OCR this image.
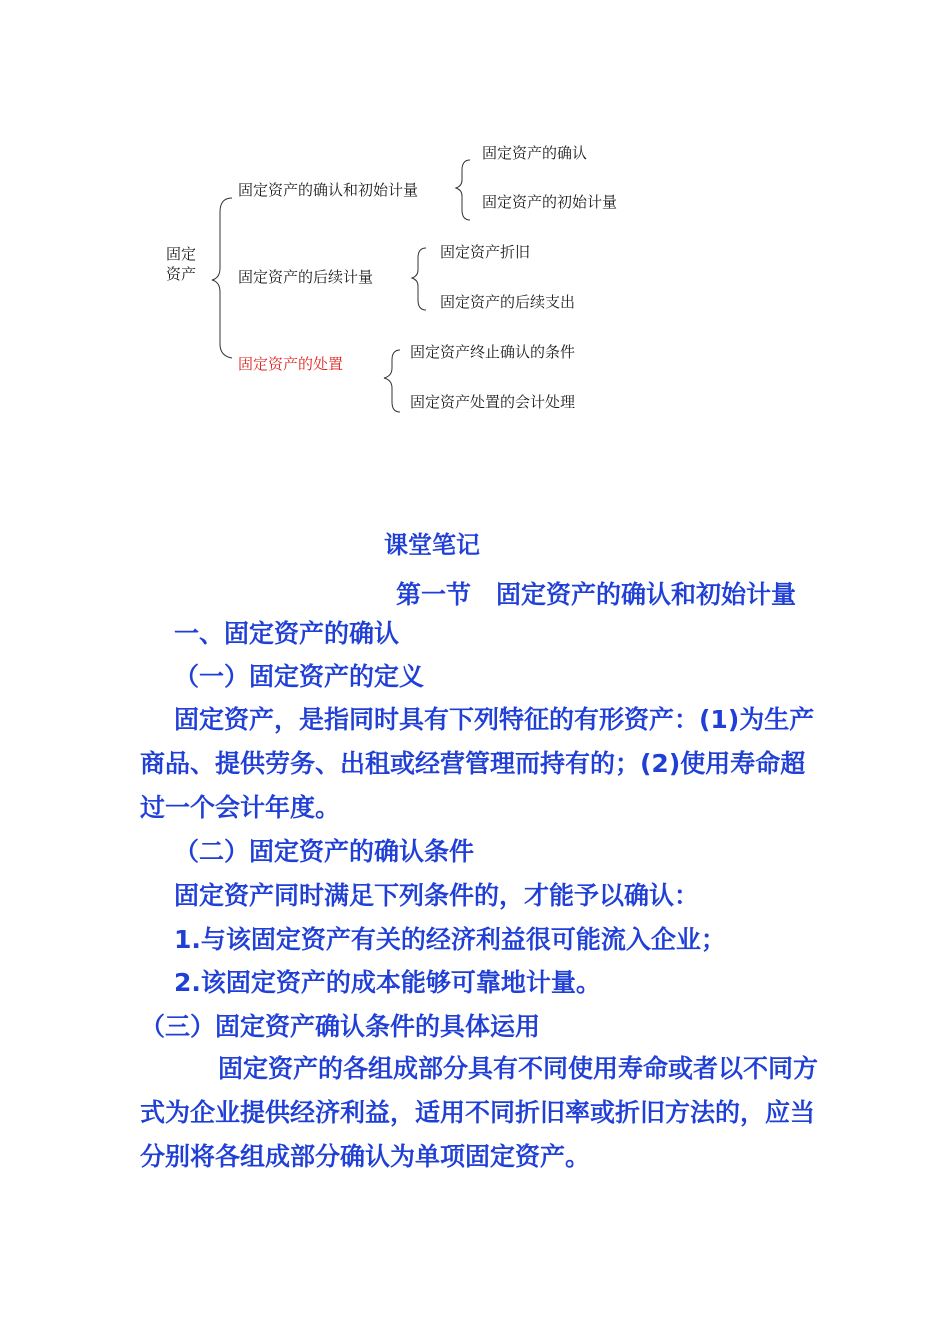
固定
资产
固定资产的确认和初始计量
固定资产的后续计量
固定资产的处置
固定资产的确认
固定资产的初始计量
固定资产折旧
固定资产的后续支出
固定资产终止确认的条件
固定资产处置的会计处理
课堂笔记
第一节　固定资产的确认和初始计量
一、固定资产的确认
（一）固定资产的定义
固定资产，是指同时具有下列特征的有形资产：(1)为生产商品、提供劳务、出租或经营管理而持有的；(2)使用寿命超过一个会计年度。
（二）固定资产的确认条件
固定资产同时满足下列条件的，才能予以确认：
1.与该固定资产有关的经济利益很可能流入企业；
2.该固定资产的成本能够可靠地计量。
（三）固定资产确认条件的具体运用
固定资产的各组成部分具有不同使用寿命或者以不同方式为企业提供经济利益，适用不同折旧率或折旧方法的，应当分别将各组成部分确认为单项固定资产。
